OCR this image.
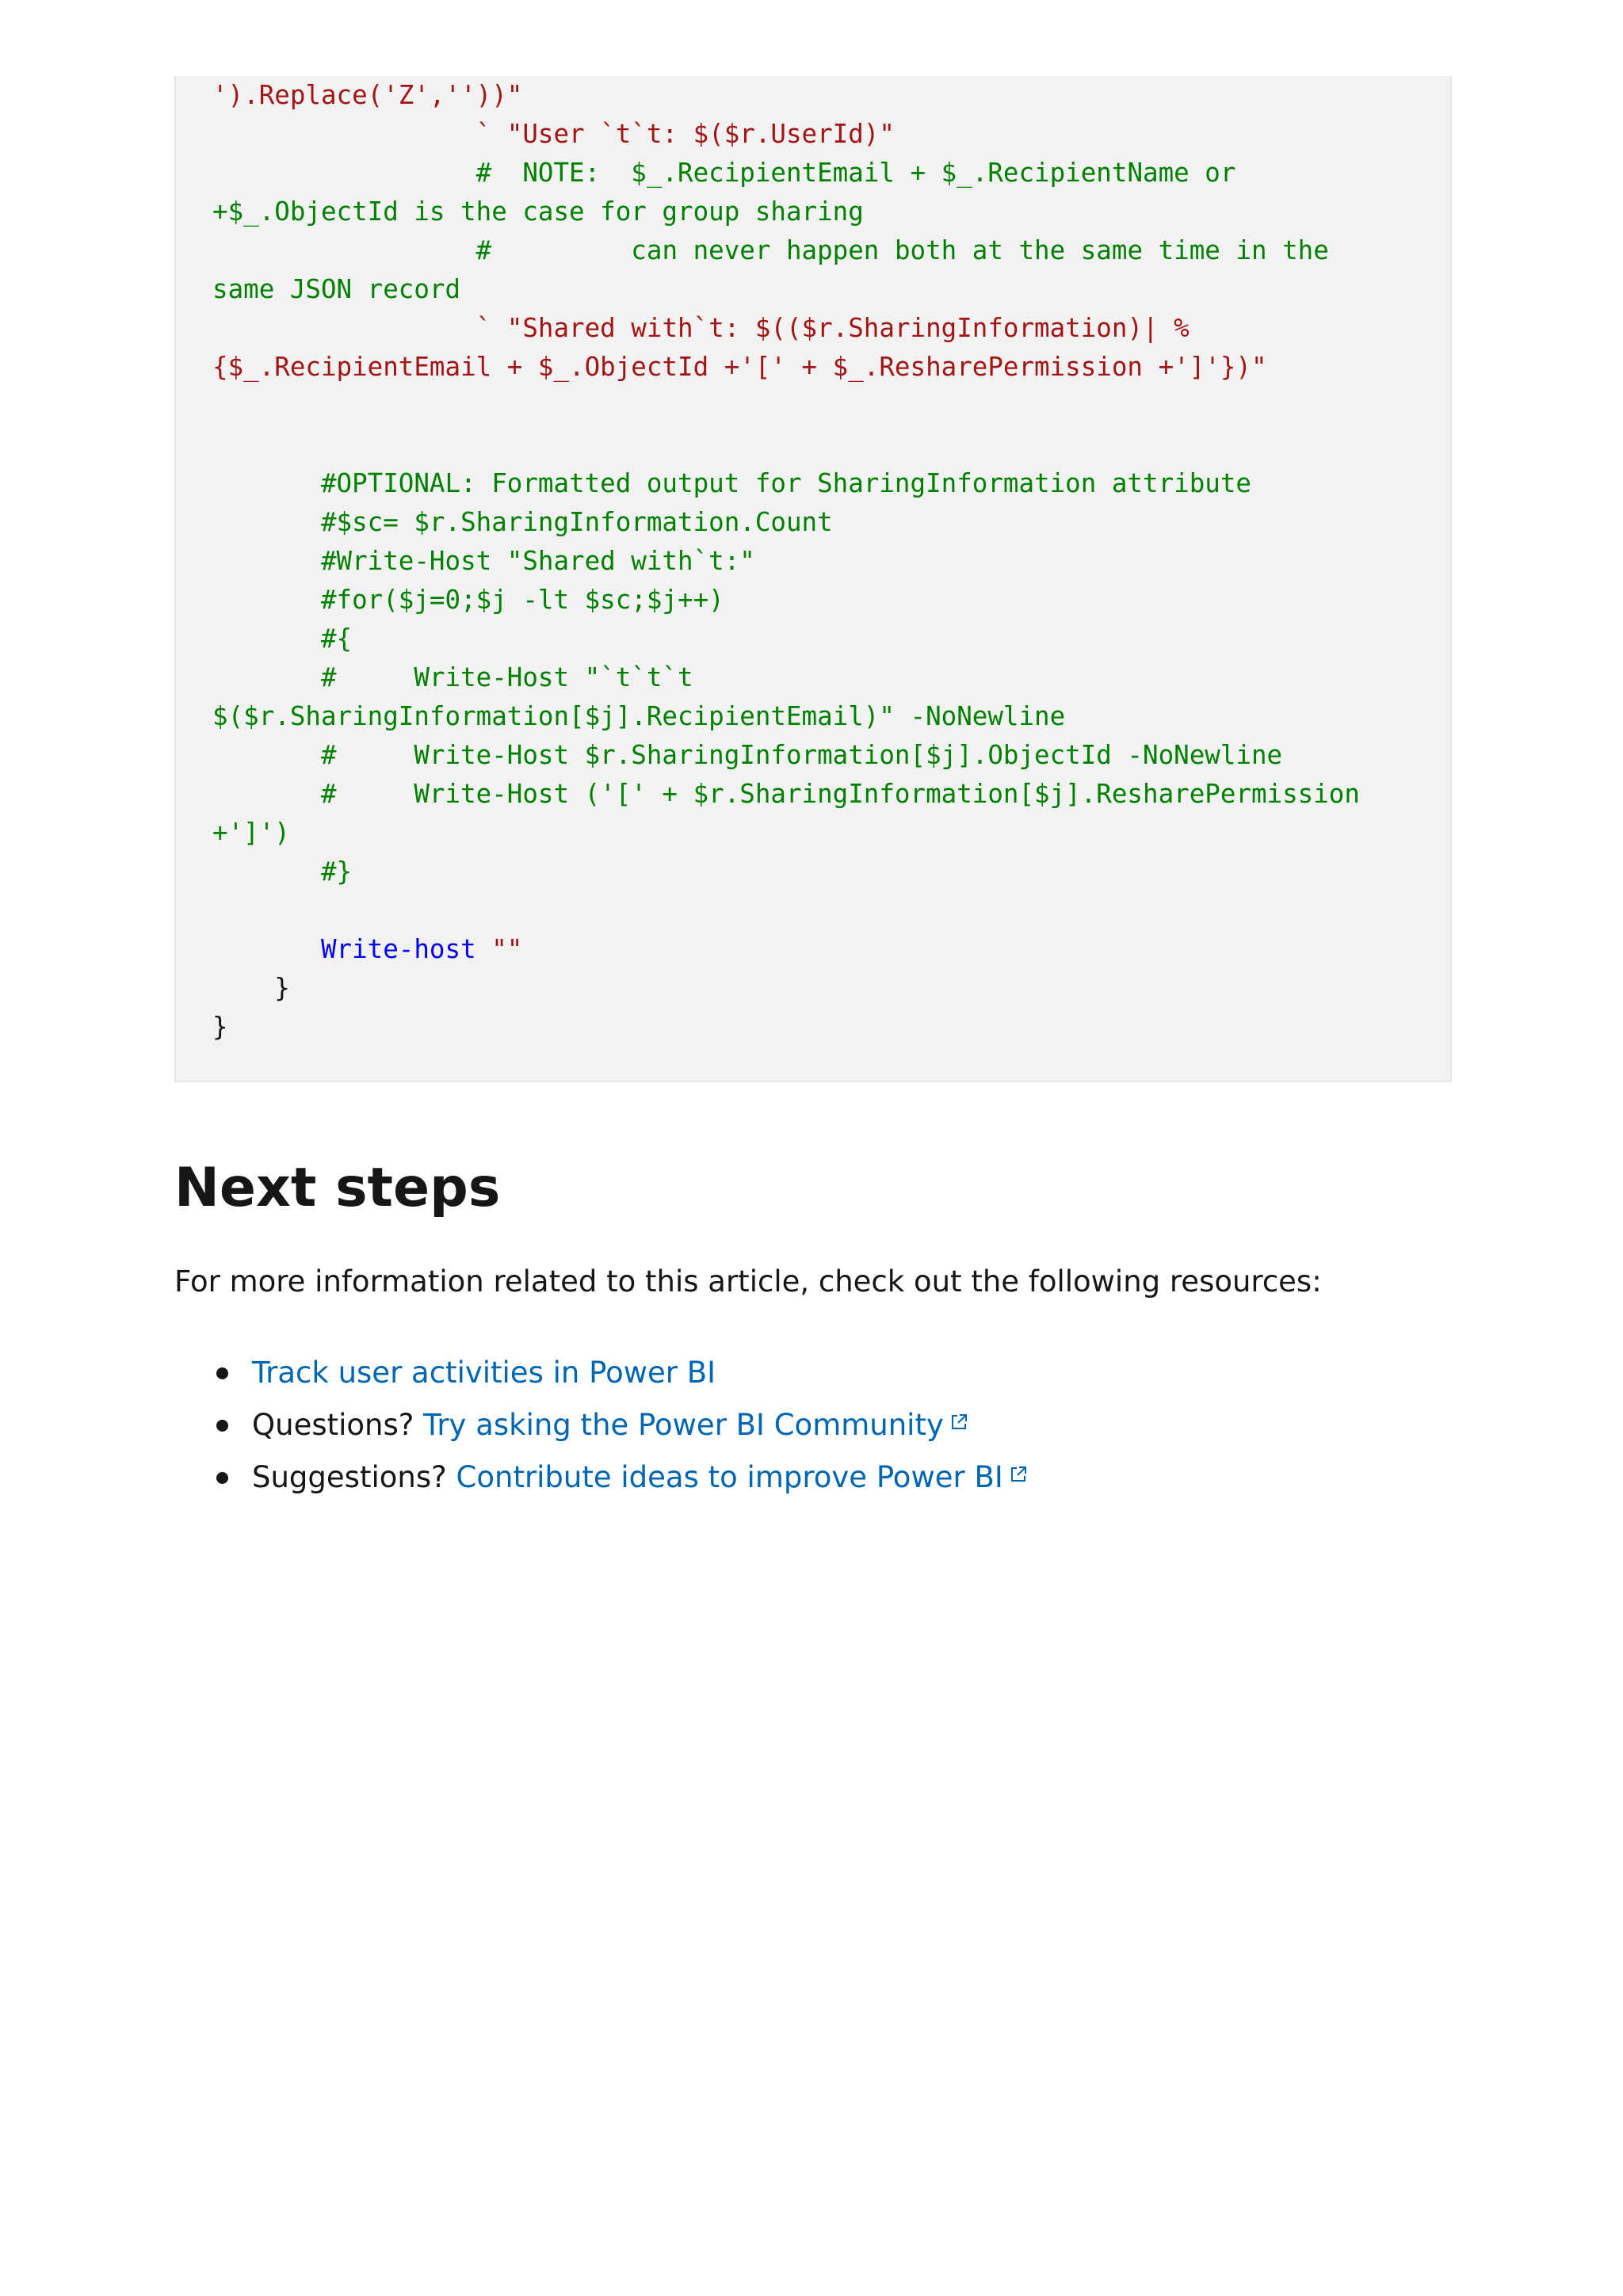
').Replace('Z',''))"
` "User `t`t: $($r.UserId)"
#  NOTE:  $_.RecipientEmail + $_.RecipientName or
+$_.ObjectId is the case for group sharing
#         can never happen both at the same time in the
same JSON record
` "Shared with`t: $(($r.SharingInformation)| %
{$_.RecipientEmail + $_.ObjectId +'[' + $_.ResharePermission +']'})"
#OPTIONAL: Formatted output for SharingInformation attribute
#$sc= $r.SharingInformation.Count
#Write-Host "Shared with`t:"
#for($j=0;$j -lt $sc;$j++)
#{
#     Write-Host "`t`t`t
$($r.SharingInformation[$j].RecipientEmail)" -NoNewline
#     Write-Host $r.SharingInformation[$j].ObjectId -NoNewline
#     Write-Host ('[' + $r.SharingInformation[$j].ResharePermission
+']')
#}
Write-host ""
}
}
Next steps

For more information related to this article, check out the following resources:

Track user activities in Power BI
Questions? Try asking the Power BI Community
Suggestions? Contribute ideas to improve Power BI
